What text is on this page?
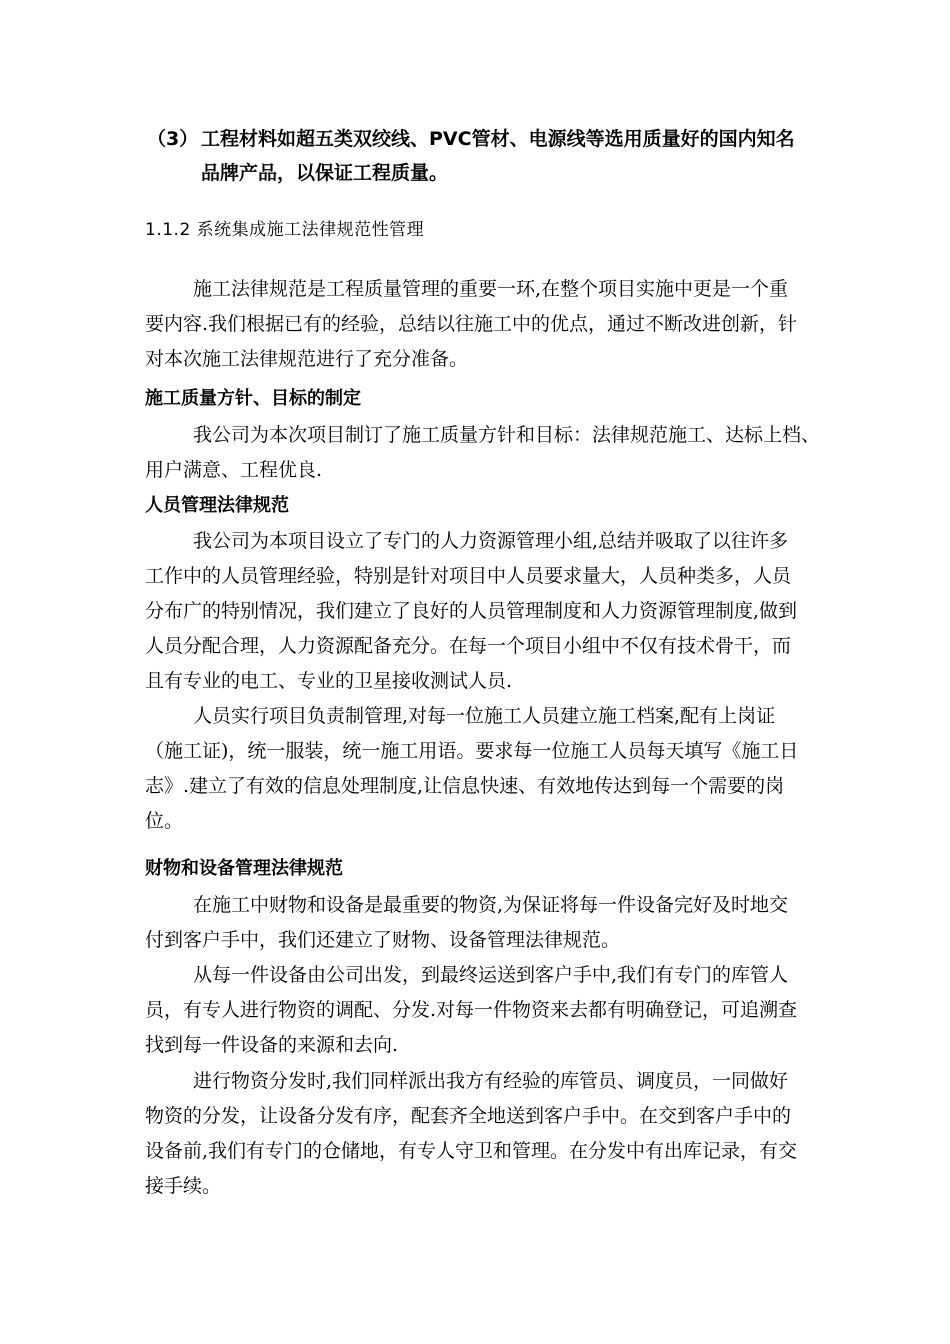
（3） 工程材料如超五类双绞线、PVC管材、电源线等选用质量好的国内知名
品牌产品，以保证工程质量。
1.1.2 系统集成施工法律规范性管理

施工法律规范是工程质量管理的重要一环,在整个项目实施中更是一个重
要内容.我们根据已有的经验，总结以往施工中的优点，通过不断改进创新，针
对本次施工法律规范进行了充分准备。

施工质量方针、目标的制定

我公司为本次项目制订了施工质量方针和目标：法律规范施工、达标上档、
用户满意、工程优良.

人员管理法律规范

我公司为本项目设立了专门的人力资源管理小组,总结并吸取了以往许多
工作中的人员管理经验，特别是针对项目中人员要求量大，人员种类多，人员
分布广的特别情况，我们建立了良好的人员管理制度和人力资源管理制度,做到
人员分配合理，人力资源配备充分。在每一个项目小组中不仅有技术骨干，而
且有专业的电工、专业的卫星接收测试人员.

人员实行项目负责制管理,对每一位施工人员建立施工档案,配有上岗证
（施工证)，统一服装，统一施工用语。要求每一位施工人员每天填写《施工日
志》.建立了有效的信息处理制度,让信息快速、有效地传达到每一个需要的岗
位。

财物和设备管理法律规范

在施工中财物和设备是最重要的物资,为保证将每一件设备完好及时地交
付到客户手中，我们还建立了财物、设备管理法律规范。

从每一件设备由公司出发，到最终运送到客户手中,我们有专门的库管人
员，有专人进行物资的调配、分发.对每一件物资来去都有明确登记，可追溯查
找到每一件设备的来源和去向.

进行物资分发时,我们同样派出我方有经验的库管员、调度员，一同做好
物资的分发，让设备分发有序，配套齐全地送到客户手中。在交到客户手中的
设备前,我们有专门的仓储地，有专人守卫和管理。在分发中有出库记录，有交
接手续。
